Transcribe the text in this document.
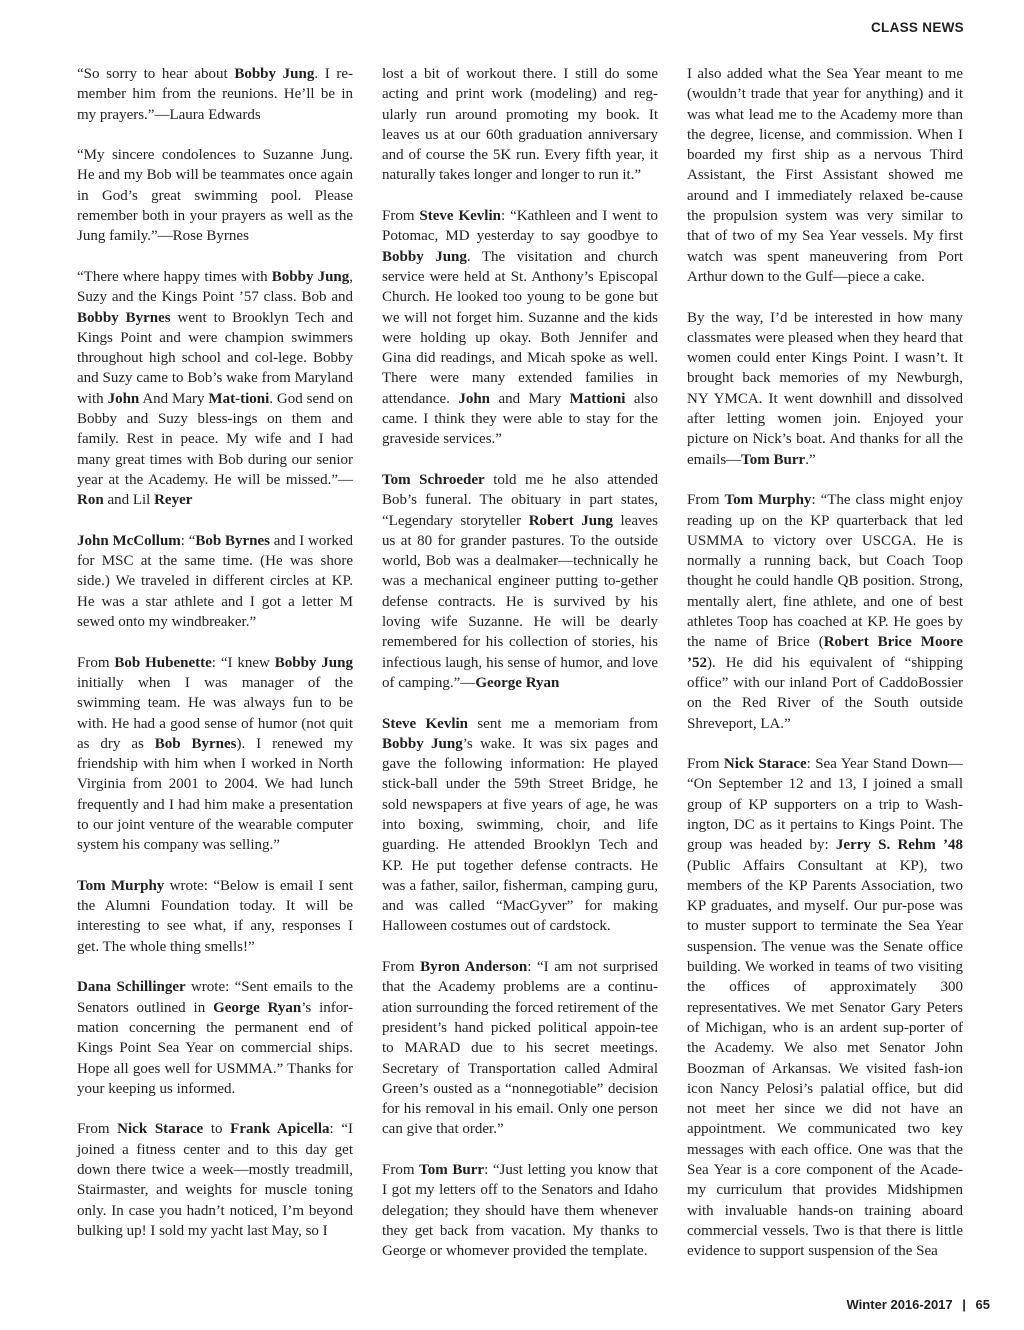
CLASS NEWS

“So sorry to hear about Bobby Jung. I re-member him from the reunions. He’ll be in my prayers.”—Laura Edwards

“My sincere condolences to Suzanne Jung. He and my Bob will be teammates once again in God’s great swimming pool. Please remember both in your prayers as well as the Jung family.”—Rose Byrnes

“There where happy times with Bobby Jung, Suzy and the Kings Point ’57 class. Bob and Bobby Byrnes went to Brooklyn Tech and Kings Point and were champion swimmers throughout high school and col-lege. Bobby and Suzy came to Bob’s wake from Maryland with John And Mary Mat-tioni. God send on Bobby and Suzy bless-ings on them and family. Rest in peace. My wife and I had many great times with Bob during our senior year at the Academy. He will be missed.”—Ron and Lil Reyer

John McCollum: “Bob Byrnes and I worked for MSC at the same time. (He was shore side.) We traveled in different circles at KP. He was a star athlete and I got a letter M sewed onto my windbreaker.”

From Bob Hubenette: “I knew Bobby Jung initially when I was manager of the swimming team. He was always fun to be with. He had a good sense of humor (not quit as dry as Bob Byrnes). I renewed my friendship with him when I worked in North Virginia from 2001 to 2004. We had lunch frequently and I had him make a presentation to our joint venture of the wearable computer system his company was selling.”

Tom Murphy wrote: “Below is email I sent the Alumni Foundation today. It will be interesting to see what, if any, responses I get. The whole thing smells!”

Dana Schillinger wrote: “Sent emails to the Senators outlined in George Ryan’s infor-mation concerning the permanent end of Kings Point Sea Year on commercial ships. Hope all goes well for USMMA.” Thanks for your keeping us informed.

From Nick Starace to Frank Apicella: “I joined a fitness center and to this day get down there twice a week—mostly treadmill, Stairmaster, and weights for muscle toning only. In case you hadn’t noticed, I’m beyond bulking up! I sold my yacht last May, so I

lost a bit of workout there. I still do some acting and print work (modeling) and reg-ularly run around promoting my book. It leaves us at our 60th graduation anniversary and of course the 5K run. Every fifth year, it naturally takes longer and longer to run it.”

From Steve Kevlin: “Kathleen and I went to Potomac, MD yesterday to say goodbye to Bobby Jung. The visitation and church service were held at St. Anthony’s Episcopal Church. He looked too young to be gone but we will not forget him. Suzanne and the kids were holding up okay. Both Jennifer and Gina did readings, and Micah spoke as well. There were many extended families in attendance. John and Mary Mattioni also came. I think they were able to stay for the graveside services.”

Tom Schroeder told me he also attended Bob’s funeral. The obituary in part states, “Legendary storyteller Robert Jung leaves us at 80 for grander pastures. To the outside world, Bob was a dealmaker—technically he was a mechanical engineer putting to-gether defense contracts. He is survived by his loving wife Suzanne. He will be dearly remembered for his collection of stories, his infectious laugh, his sense of humor, and love of camping.”—George Ryan

Steve Kevlin sent me a memoriam from Bobby Jung’s wake. It was six pages and gave the following information: He played stick-ball under the 59th Street Bridge, he sold newspapers at five years of age, he was into boxing, swimming, choir, and life guarding. He attended Brooklyn Tech and KP. He put together defense contracts. He was a father, sailor, fisherman, camping guru, and was called “MacGyver” for making Halloween costumes out of cardstock.

From Byron Anderson: “I am not surprised that the Academy problems are a continu-ation surrounding the forced retirement of the president’s hand picked political appoin-tee to MARAD due to his secret meetings. Secretary of Transportation called Admiral Green’s ousted as a “nonnegotiable” decision for his removal in his email. Only one person can give that order.”

From Tom Burr: “Just letting you know that I got my letters off to the Senators and Idaho delegation; they should have them whenever they get back from vacation. My thanks to George or whomever provided the template.

I also added what the Sea Year meant to me (wouldn’t trade that year for anything) and it was what lead me to the Academy more than the degree, license, and commission. When I boarded my first ship as a nervous Third Assistant, the First Assistant showed me around and I immediately relaxed be-cause the propulsion system was very similar to that of two of my Sea Year vessels. My first watch was spent maneuvering from Port Arthur down to the Gulf—piece a cake.

By the way, I’d be interested in how many classmates were pleased when they heard that women could enter Kings Point. I wasn’t. It brought back memories of my Newburgh, NY YMCA. It went downhill and dissolved after letting women join. Enjoyed your picture on Nick’s boat. And thanks for all the emails—Tom Burr.”

From Tom Murphy: “The class might enjoy reading up on the KP quarterback that led USMMA to victory over USCGA. He is normally a running back, but Coach Toop thought he could handle QB position. Strong, mentally alert, fine athlete, and one of best athletes Toop has coached at KP. He goes by the name of Brice (Robert Brice Moore ’52). He did his equivalent of “shipping office” with our inland Port of CaddoBossier on the Red River of the South outside Shreveport, LA.”

From Nick Starace: Sea Year Stand Down— “On September 12 and 13, I joined a small group of KP supporters on a trip to Wash-ington, DC as it pertains to Kings Point. The group was headed by: Jerry S. Rehm ’48 (Public Affairs Consultant at KP), two members of the KP Parents Association, two KP graduates, and myself. Our pur-pose was to muster support to terminate the Sea Year suspension. The venue was the Senate office building. We worked in teams of two visiting the offices of approximately 300 representatives. We met Senator Gary Peters of Michigan, who is an ardent sup-porter of the Academy. We also met Senator John Boozman of Arkansas. We visited fash-ion icon Nancy Pelosi’s palatial office, but did not meet her since we did not have an appointment. We communicated two key messages with each office. One was that the Sea Year is a core component of the Acade-my curriculum that provides Midshipmen with invaluable hands-on training aboard commercial vessels. Two is that there is little evidence to support suspension of the Sea

Winter 2016-2017 | 65
